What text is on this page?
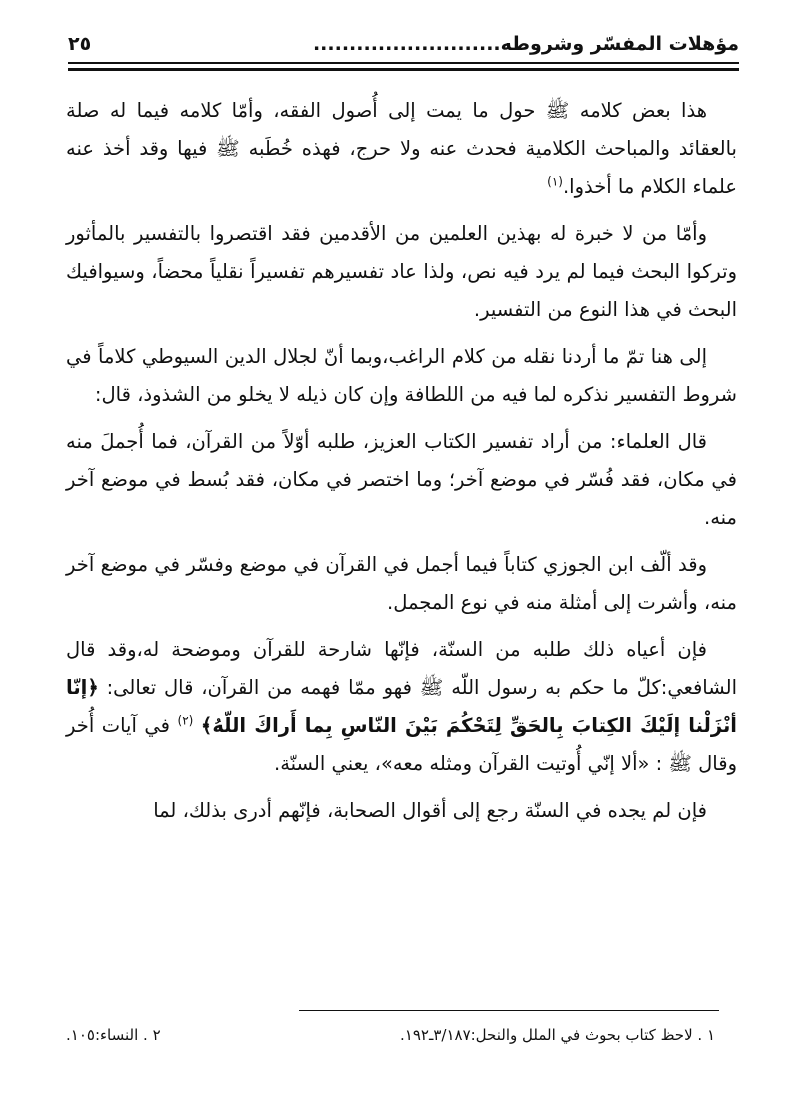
مؤهلات المفسّر وشروطه..........................
٢٥

هذا بعض كلامه ﷺ حول ما يمت إلى أُصول الفقه، وأمّا كلامه فيما له صلة بالعقائد والمباحث الكلامية فحدث عنه ولا حرج، فهذه خُطَبه ﷺ فيها وقد أخذ عنه علماء الكلام ما أخذوا.$^{(١)}$

وأمّا من لا خبرة له بهذين العلمين من الأقدمين فقد اقتصروا بالتفسير بالمأثور وتركوا البحث فيما لم يرد فيه نص، ولذا عاد تفسيرهم تفسيراً نقلياً محضاً، وسيوافيك البحث في هذا النوع من التفسير.

إلى هنا تمّ ما أردنا نقله من كلام الراغب،وبما أنّ لجلال الدين السيوطي كلاماً في شروط التفسير نذكره لما فيه من اللطافة وإن كان ذيله لا يخلو من الشذوذ، قال:

قال العلماء: من أراد تفسير الكتاب العزيز، طلبه أوّلاً من القرآن، فما أُجملَ منه في مكان، فقد فُسّر في موضع آخر؛ وما اختصر في مكان، فقد بُسط في موضع آخر منه.

وقد ألّف ابن الجوزي كتاباً فيما أجمل في القرآن في موضع وفسّر في موضع آخر منه، وأشرت إلى أمثلة منه في نوع المجمل.

فإن أعياه ذلك طلبه من السنّة، فإنّها شارحة للقرآن وموضحة له،وقد قال الشافعي:كلّ ما حكم به رسول اللّه ﷺ فهو ممّا فهمه من القرآن، قال تعالى: ﴿إنّا أنْزَلْنا إلَيْكَ الكِتابَ بِالحَقِّ لِتَحْكُمَ بَيْنَ النّاسِ بِما أَراكَ اللّهُ﴾ $^{(٢)}$ في آيات أُخر وقال ﷺ : «ألا إنّي أُوتيت القرآن ومثله معه»، يعني السنّة.

فإن لم يجده في السنّة رجع إلى أقوال الصحابة، فإنّهم أدرى بذلك، لما

١ . لاحظ كتاب بحوث في الملل والنحل:٣/١٨٧ـ١٩٢.
٢ . النساء:١٠٥.
